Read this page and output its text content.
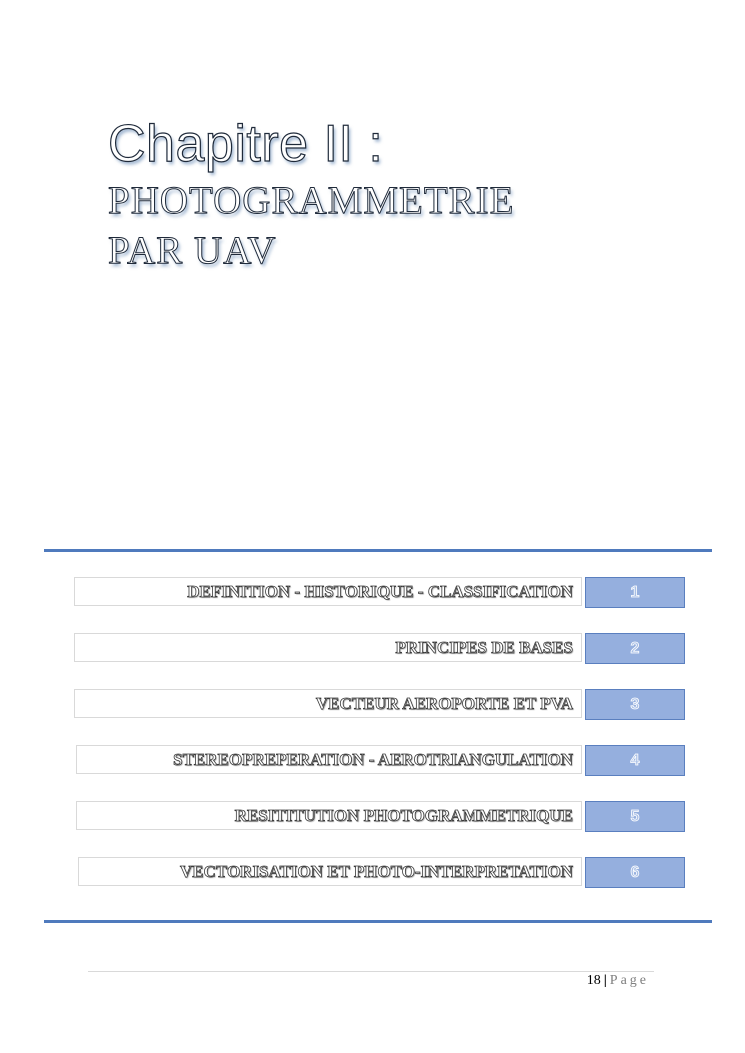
Chapitre II :
PHOTOGRAMMETRIE
PAR UAV
DEFINITION - HISTORIQUE - CLASSIFICATION	1
PRINCIPES DE BASES	2
VECTEUR AEROPORTE ET PVA	3
STEREOPREPERATION - AEROTRIANGULATION	4
RESITITUTION PHOTOGRAMMETRIQUE	5
VECTORISATION ET PHOTO-INTERPRETATION	6
18 | Page
